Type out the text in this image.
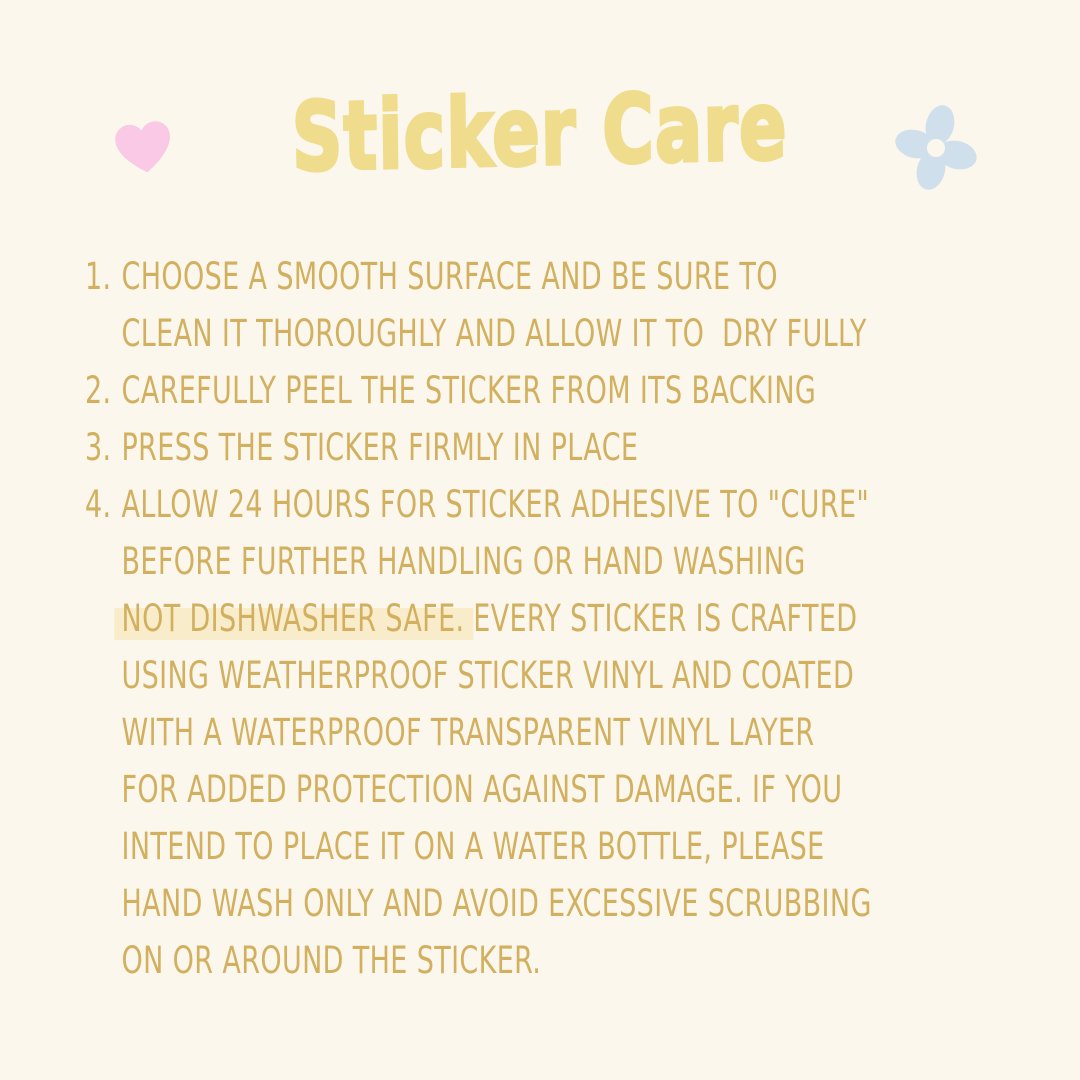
Sticker Care
1. CHOOSE A SMOOTH SURFACE AND BE SURE TO
CLEAN IT THOROUGHLY AND ALLOW IT TO  DRY FULLY
2. CAREFULLY PEEL THE STICKER FROM ITS BACKING
3. PRESS THE STICKER FIRMLY IN PLACE
4. ALLOW 24 HOURS FOR STICKER ADHESIVE TO "CURE"
BEFORE FURTHER HANDLING OR HAND WASHING
NOT DISHWASHER SAFE. EVERY STICKER IS CRAFTED
USING WEATHERPROOF STICKER VINYL AND COATED
WITH A WATERPROOF TRANSPARENT VINYL LAYER
FOR ADDED PROTECTION AGAINST DAMAGE. IF YOU
INTEND TO PLACE IT ON A WATER BOTTLE, PLEASE
HAND WASH ONLY AND AVOID EXCESSIVE SCRUBBING
ON OR AROUND THE STICKER.
